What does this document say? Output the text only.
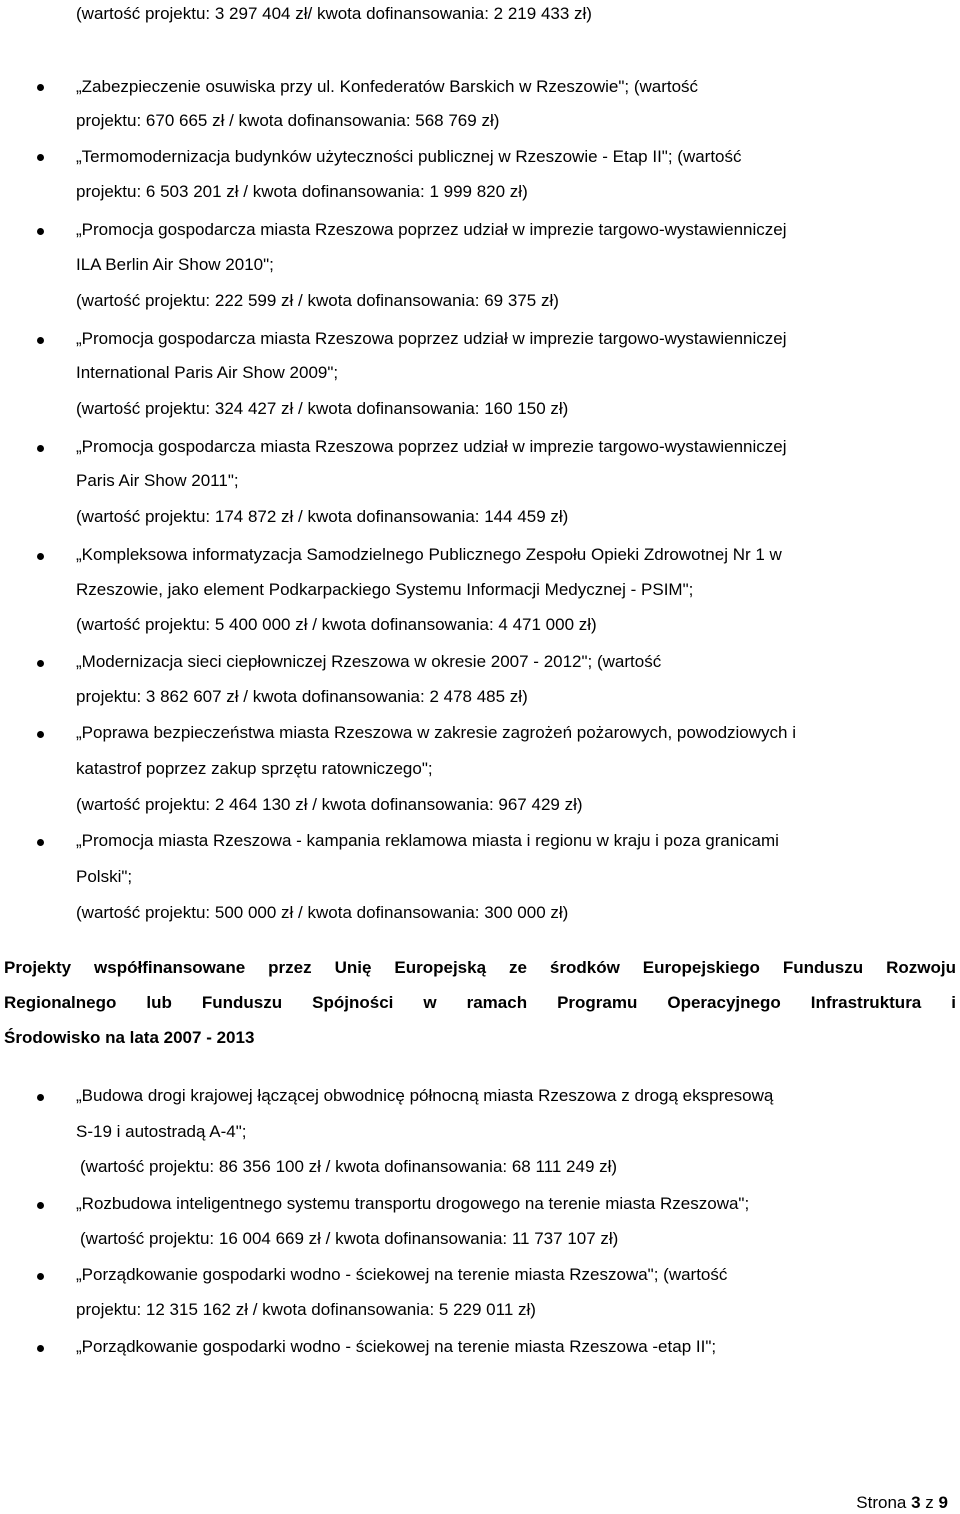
(wartość projektu: 3 297 404 zł/ kwota dofinansowania: 2 219 433 zł)
„Zabezpieczenie osuwiska przy ul. Konfederatów Barskich w Rzeszowie"; (wartość
projektu: 670 665 zł / kwota dofinansowania: 568 769 zł)
„Termomodernizacja budynków użyteczności publicznej w Rzeszowie - Etap II"; (wartość
projektu: 6 503 201 zł / kwota dofinansowania: 1 999 820 zł)
„Promocja gospodarcza miasta Rzeszowa poprzez udział w imprezie targowo-wystawienniczej
ILA Berlin Air Show 2010";
(wartość projektu: 222 599 zł / kwota dofinansowania: 69 375 zł)
„Promocja gospodarcza miasta Rzeszowa poprzez udział w imprezie targowo-wystawienniczej
International Paris Air Show 2009";
(wartość projektu: 324 427 zł / kwota dofinansowania: 160 150 zł)
„Promocja gospodarcza miasta Rzeszowa poprzez udział w imprezie targowo-wystawienniczej
Paris Air Show 2011";
(wartość projektu: 174 872 zł / kwota dofinansowania: 144 459 zł)
„Kompleksowa informatyzacja Samodzielnego Publicznego Zespołu Opieki Zdrowotnej Nr 1 w
Rzeszowie, jako element Podkarpackiego Systemu Informacji Medycznej - PSIM";
(wartość projektu: 5 400 000 zł / kwota dofinansowania: 4 471 000 zł)
„Modernizacja sieci ciepłowniczej Rzeszowa w okresie 2007 - 2012"; (wartość
projektu: 3 862 607 zł / kwota dofinansowania: 2 478 485 zł)
„Poprawa bezpieczeństwa miasta Rzeszowa w zakresie zagrożeń pożarowych, powodziowych i
katastrof poprzez zakup sprzętu ratowniczego";
(wartość projektu: 2 464 130 zł / kwota dofinansowania: 967 429 zł)
„Promocja miasta Rzeszowa - kampania reklamowa miasta i regionu w kraju i poza granicami
Polski";
(wartość projektu: 500 000 zł / kwota dofinansowania: 300 000 zł)
Projekty współfinansowane przez Unię Europejską ze środków Europejskiego Funduszu Rozwoju
Regionalnego lub Funduszu Spójności w ramach Programu Operacyjnego Infrastruktura i
Środowisko na lata 2007 - 2013
„Budowa drogi krajowej łączącej obwodnicę północną miasta Rzeszowa z drogą ekspresową
S-19 i autostradą A-4";
(wartość projektu: 86 356 100 zł / kwota dofinansowania: 68 111 249 zł)
„Rozbudowa inteligentnego systemu transportu drogowego na terenie miasta Rzeszowa";
(wartość projektu: 16 004 669 zł / kwota dofinansowania: 11 737 107 zł)
„Porządkowanie gospodarki wodno - ściekowej na terenie miasta Rzeszowa"; (wartość
projektu: 12 315 162 zł / kwota dofinansowania: 5 229 011 zł)
„Porządkowanie gospodarki wodno - ściekowej na terenie miasta Rzeszowa -etap II";
Strona 3 z 9
